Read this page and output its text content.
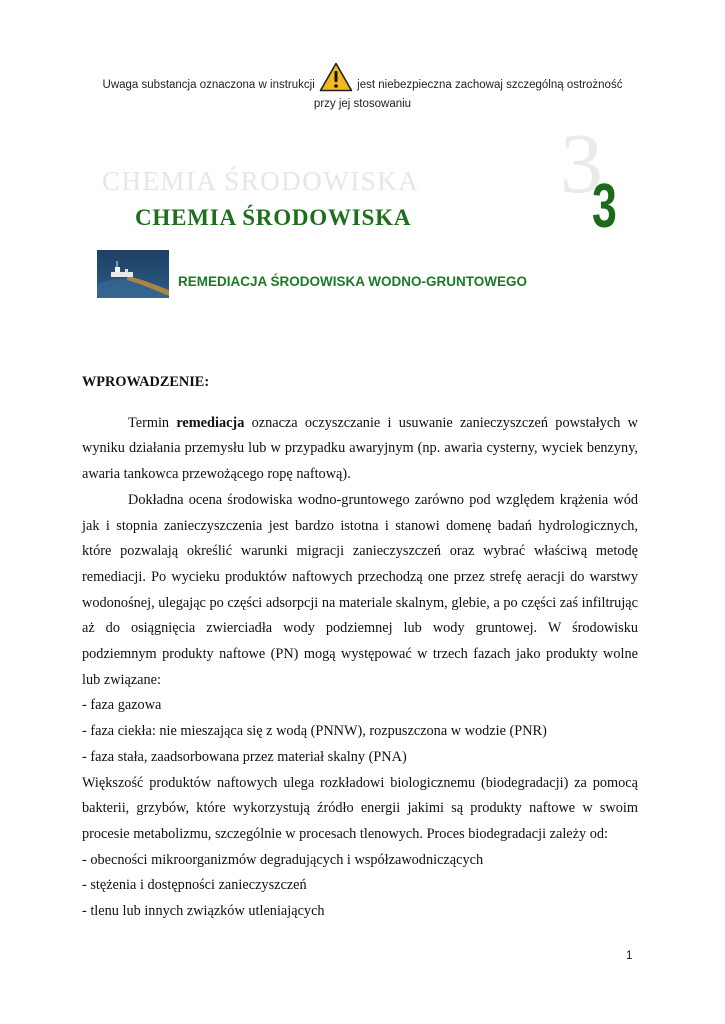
Uwaga substancja oznaczona w instrukcji	jest niebezpieczna zachowaj szczególną ostrożność
przy jej stosowaniu
CHEMIA ŚRODOWISKA 3
CHEMIA ŚRODOWISKA	3
REMEDIACJA ŚRODOWISKA WODNO-GRUNTOWEGO

WPROWADZENIE:

Termin remediacja oznacza oczyszczanie i usuwanie zanieczyszczeń powstałych w wyniku działania przemysłu lub w przypadku awaryjnym (np. awaria cysterny, wyciek benzyny, awaria tankowca przewożącego ropę naftową).

Dokładna ocena środowiska wodno-gruntowego zarówno pod względem krążenia wód jak i stopnia zanieczyszczenia jest bardzo istotna i stanowi domenę badań hydrologicznych, które pozwalają określić warunki migracji zanieczyszczeń oraz wybrać właściwą metodę remediacji. Po wycieku produktów naftowych przechodzą one przez strefę aeracji do warstwy wodonośnej, ulegając po części adsorpcji na materiale skalnym, glebie, a po części zaś infiltrując aż do osiągnięcia zwierciadła wody podziemnej lub wody gruntowej. W środowisku podziemnym produkty naftowe (PN) mogą występować w trzech fazach jako produkty wolne lub związane:

- faza gazowa

- faza ciekła: nie mieszająca się z wodą (PNNW), rozpuszczona w wodzie (PNR)

- faza stała, zaadsorbowana przez materiał skalny (PNA)

Większość produktów naftowych ulega rozkładowi biologicznemu (biodegradacji) za pomocą bakterii, grzybów, które wykorzystują źródło energii jakimi są produkty naftowe w swoim procesie metabolizmu, szczególnie w procesach tlenowych. Proces biodegradacji zależy od:

- obecności mikroorganizmów degradujących i współzawodniczących

- stężenia i dostępności zanieczyszczeń

- tlenu lub innych związków utleniających

1
